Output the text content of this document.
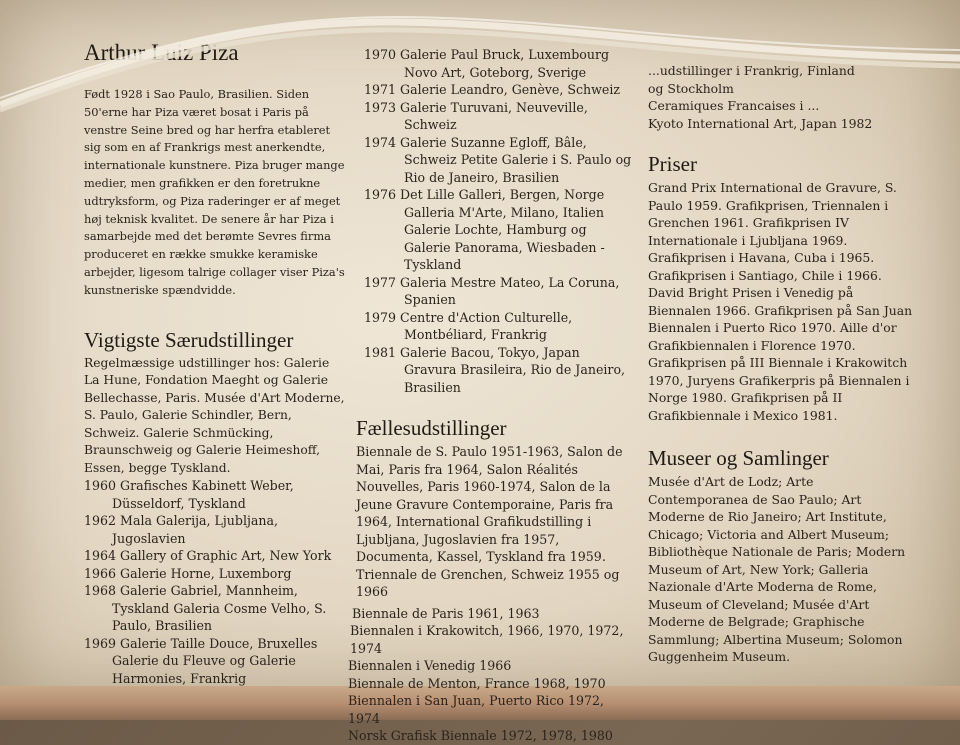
Arthur Luiz Piza
Født 1928 i Sao Paulo, Brasilien. Siden 50'erne har Piza været bosat i Paris på venstre Seine bred og har herfra etableret sig som en af Frankrigs mest anerkendte, internationale kunstnere. Piza bruger mange medier, men grafikken er den foretrukne udtryksform, og Piza raderinger er af meget høj teknisk kvalitet. De senere år har Piza i samarbejde med det berømte Sevres firma produceret en række smukke keramiske arbejder, ligesom talrige collager viser Piza's kunstneriske spændvidde.
Vigtigste Særudstillinger
Regelmæssige udstillinger hos: Galerie La Hune, Fondation Maeght og Galerie Bellechasse, Paris. Musée d'Art Moderne, S. Paulo, Galerie Schindler, Bern, Schweiz. Galerie Schmücking, Braunschweig og Galerie Heimeshoff, Essen, begge Tyskland.
1960 Grafisches Kabinett Weber, Düsseldorf, Tyskland
1962 Mala Galerija, Ljubljana, Jugoslavien
1964 Gallery of Graphic Art, New York
1966 Galerie Horne, Luxemborg
1968 Galerie Gabriel, Mannheim, Tyskland Galeria Cosme Velho, S. Paulo, Brasilien
1969 Galerie Taille Douce, Bruxelles Galerie du Fleuve og Galerie Harmonies, Frankrig
1970 Galerie Paul Bruck, Luxembourg Novo Art, Goteborg, Sverige
1971 Galerie Leandro, Genève, Schweiz
1973 Galerie Turuvani, Neuveville, Schweiz
1974 Galerie Suzanne Egloff, Bâle, Schweiz Petite Galerie i S. Paulo og Rio de Janeiro, Brasilien
1976 Det Lille Galleri, Bergen, Norge Galleria M'Arte, Milano, Italien Galerie Lochte, Hamburg og Galerie Panorama, Wiesbaden - Tyskland
1977 Galeria Mestre Mateo, La Coruna, Spanien
1979 Centre d'Action Culturelle, Montbéliard, Frankrig
1981 Galerie Bacou, Tokyo, Japan Gravura Brasileira, Rio de Janeiro, Brasilien
Fællesudstillinger
Biennale de S. Paulo 1951-1963, Salon de Mai, Paris fra 1964, Salon Réalités Nouvelles, Paris 1960-1974, Salon de la Jeune Gravure Contemporaine, Paris fra 1964, International Grafikudstilling i Ljubljana, Jugoslavien fra 1957, Documenta, Kassel, Tyskland fra 1959. Triennale de Grenchen, Schweiz 1955 og 1966
Biennale de Paris 1961, 1963
Biennalen i Krakowitch, 1966, 1970, 1972, 1974
Biennalen i Venedig 1966
Biennale de Menton, France 1968, 1970
Biennalen i San Juan, Puerto Rico 1972, 1974
Norsk Grafisk Biennale 1972, 1978, 1980
...udstillinger i Frankrig, Finland
og Stockholm
Ceramiques Francaises i ...
Kyoto International Art, Japan 1982
Priser
Grand Prix International de Gravure, S. Paulo 1959. Grafikprisen, Triennalen i Grenchen 1961. Grafikprisen IV Internationale i Ljubljana 1969. Grafikprisen i Havana, Cuba i 1965. Grafikprisen i Santiago, Chile i 1966. David Bright Prisen i Venedig på Biennalen 1966. Grafikprisen på San Juan Biennalen i Puerto Rico 1970. Aille d'or Grafikbiennalen i Florence 1970. Grafikprisen på III Biennale i Krakowitch 1970, Juryens Grafikerpris på Biennalen i Norge 1980. Grafikprisen på II Grafikbiennale i Mexico 1981.
Museer og Samlinger
Musée d'Art de Lodz; Arte Contemporanea de Sao Paulo; Art Moderne de Rio Janeiro; Art Institute, Chicago; Victoria and Albert Museum; Bibliothèque Nationale de Paris; Modern Museum of Art, New York; Galleria Nazionale d'Arte Moderna de Rome, Museum of Cleveland; Musée d'Art Moderne de Belgrade; Graphische Sammlung; Albertina Museum; Solomon Guggenheim Museum.
